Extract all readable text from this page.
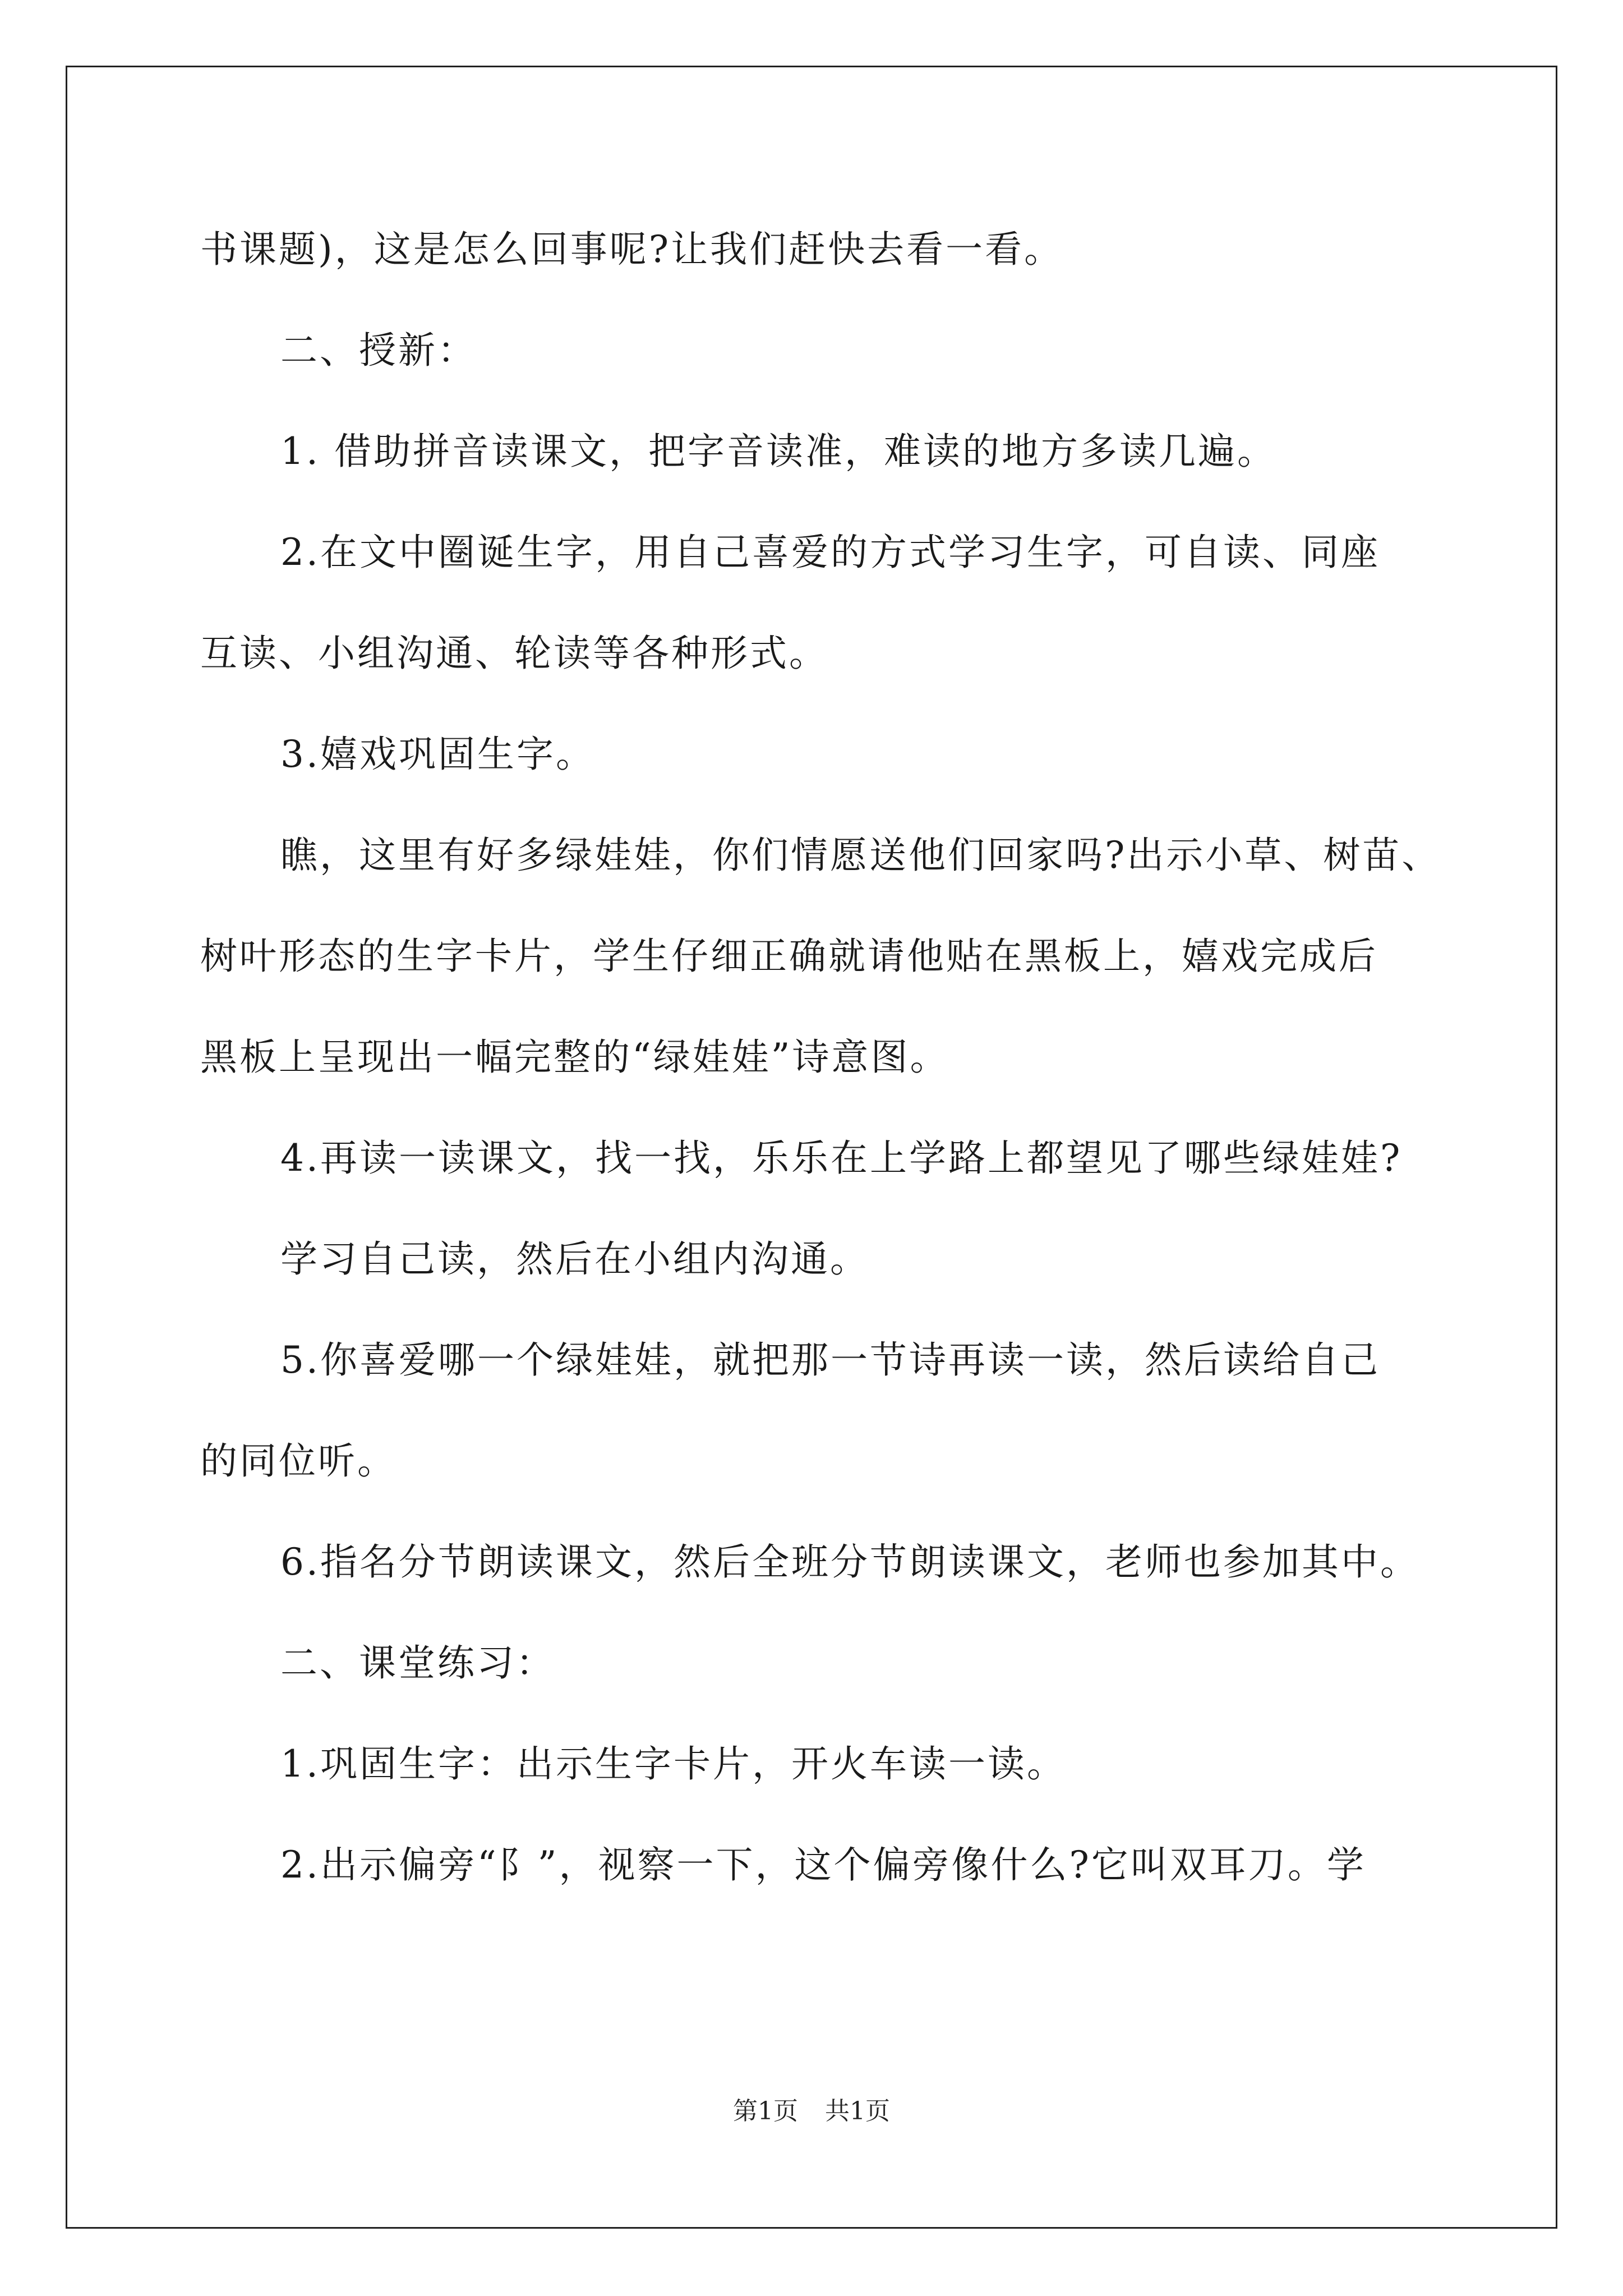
书课题)，这是怎么回事呢?让我们赶快去看一看。
二、授新：
1. 借助拼音读课文，把字音读准，难读的地方多读几遍。
2.在文中圈诞生字，用自己喜爱的方式学习生字，可自读、同座
互读、小组沟通、轮读等各种形式。
3.嬉戏巩固生字。
瞧，这里有好多绿娃娃，你们情愿送他们回家吗?出示小草、树苗、
树叶形态的生字卡片，学生仔细正确就请他贴在黑板上，嬉戏完成后
黑板上呈现出一幅完整的“绿娃娃”诗意图。
4.再读一读课文，找一找，乐乐在上学路上都望见了哪些绿娃娃?
学习自己读，然后在小组内沟通。
5.你喜爱哪一个绿娃娃，就把那一节诗再读一读，然后读给自己
的同位听。
6.指名分节朗读课文，然后全班分节朗读课文，老师也参加其中。
二、课堂练习：
1.巩固生字：出示生字卡片，开火车读一读。
2.出示偏旁“阝”，视察一下，这个偏旁像什么?它叫双耳刀。学
第1页 共1页
